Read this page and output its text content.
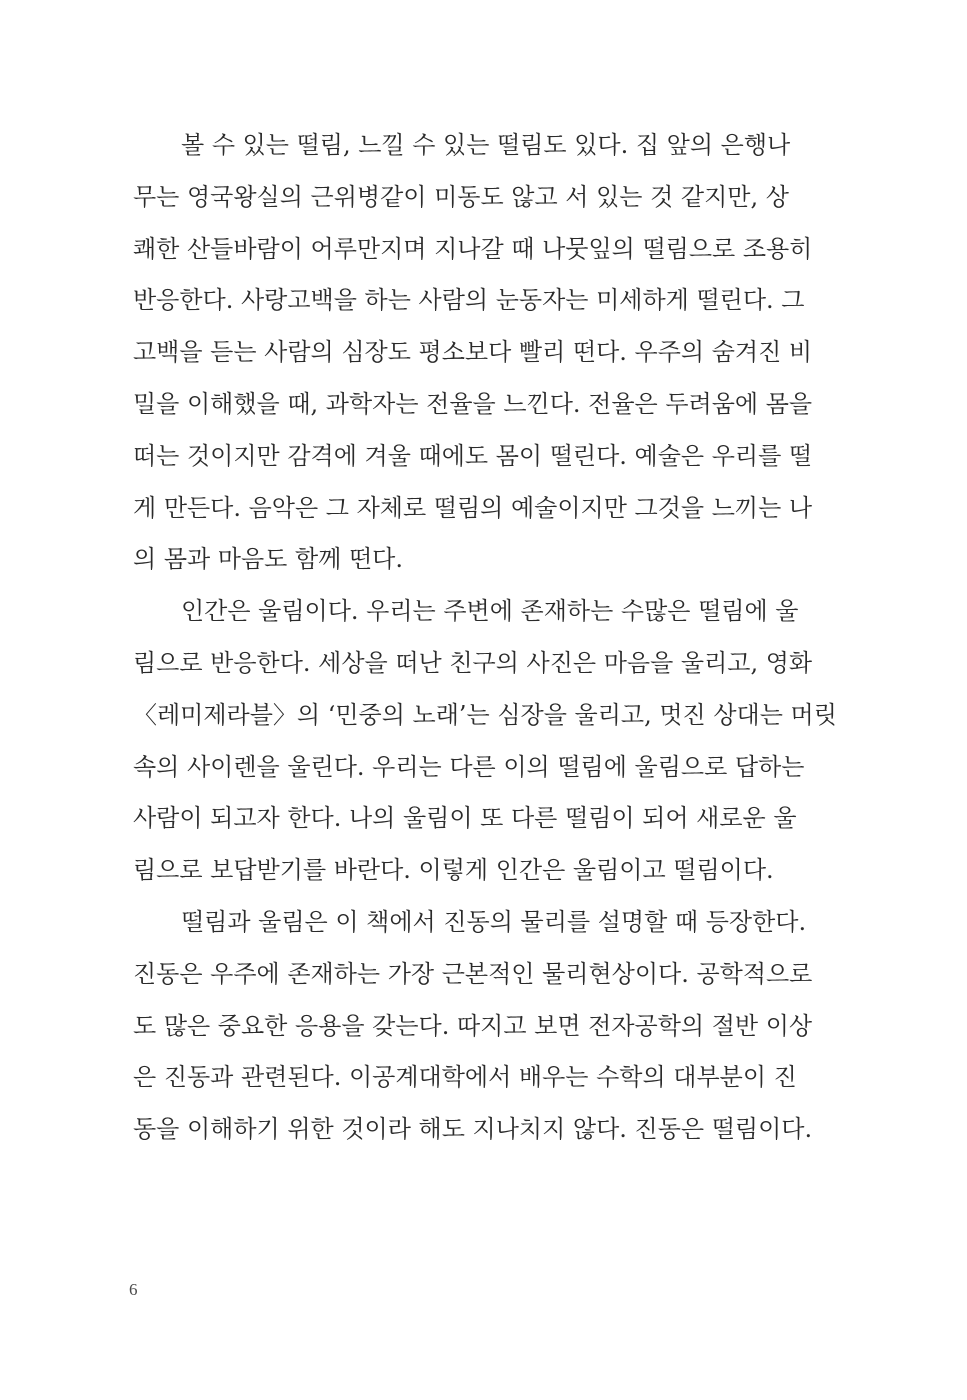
볼 수 있는 떨림, 느낄 수 있는 떨림도 있다. 집 앞의 은행나
무는 영국왕실의 근위병같이 미동도 않고 서 있는 것 같지만, 상
쾌한 산들바람이 어루만지며 지나갈 때 나뭇잎의 떨림으로 조용히
반응한다. 사랑고백을 하는 사람의 눈동자는 미세하게 떨린다. 그
고백을 듣는 사람의 심장도 평소보다 빨리 떤다. 우주의 숨겨진 비
밀을 이해했을 때, 과학자는 전율을 느낀다. 전율은 두려움에 몸을
떠는 것이지만 감격에 겨울 때에도 몸이 떨린다. 예술은 우리를 떨
게 만든다. 음악은 그 자체로 떨림의 예술이지만 그것을 느끼는 나
의 몸과 마음도 함께 떤다.
인간은 울림이다. 우리는 주변에 존재하는 수많은 떨림에 울
림으로 반응한다. 세상을 떠난 친구의 사진은 마음을 울리고, 영화
〈레미제라블〉의 ‘민중의 노래’는 심장을 울리고, 멋진 상대는 머릿
속의 사이렌을 울린다. 우리는 다른 이의 떨림에 울림으로 답하는
사람이 되고자 한다. 나의 울림이 또 다른 떨림이 되어 새로운 울
림으로 보답받기를 바란다. 이렇게 인간은 울림이고 떨림이다.
떨림과 울림은 이 책에서 진동의 물리를 설명할 때 등장한다.
진동은 우주에 존재하는 가장 근본적인 물리현상이다. 공학적으로
도 많은 중요한 응용을 갖는다. 따지고 보면 전자공학의 절반 이상
은 진동과 관련된다. 이공계대학에서 배우는 수학의 대부분이 진
동을 이해하기 위한 것이라 해도 지나치지 않다. 진동은 떨림이다.
6
